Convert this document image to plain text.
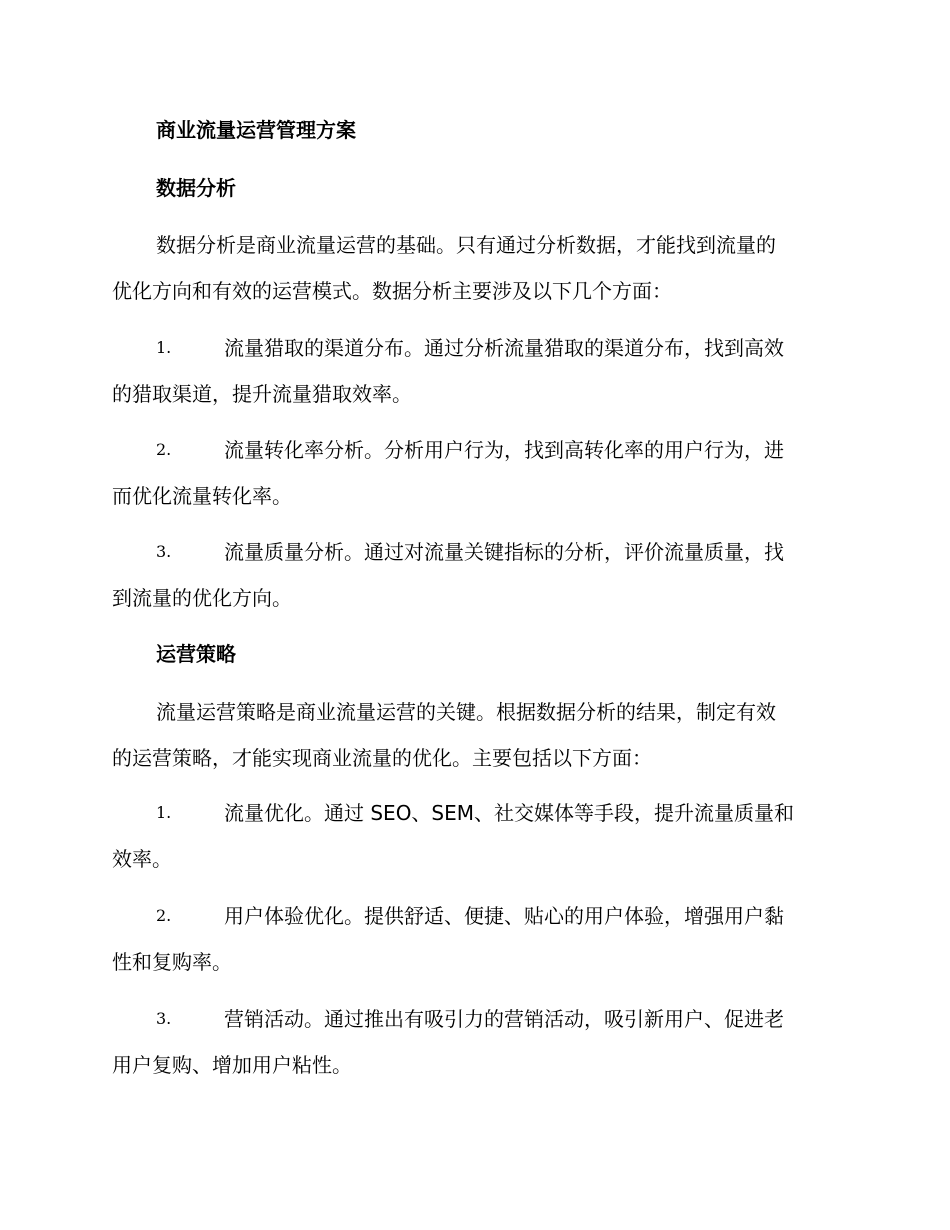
商业流量运营管理方案
数据分析
数据分析是商业流量运营的基础。只有通过分析数据，才能找到流量的
优化方向和有效的运营模式。数据分析主要涉及以下几个方面：
1.	流量猎取的渠道分布。通过分析流量猎取的渠道分布，找到高效
的猎取渠道，提升流量猎取效率。
2.	流量转化率分析。分析用户行为，找到高转化率的用户行为，进
而优化流量转化率。
3.	流量质量分析。通过对流量关键指标的分析，评价流量质量，找
到流量的优化方向。
运营策略
流量运营策略是商业流量运营的关键。根据数据分析的结果，制定有效
的运营策略，才能实现商业流量的优化。主要包括以下方面：
1.	流量优化。通过 SEO、SEM、社交媒体等手段，提升流量质量和
效率。
2.	用户体验优化。提供舒适、便捷、贴心的用户体验，增强用户黏
性和复购率。
3.	营销活动。通过推出有吸引力的营销活动，吸引新用户、促进老
用户复购、增加用户粘性。
